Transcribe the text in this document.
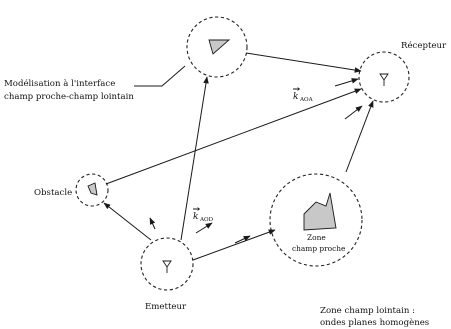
k AOA
k AOD
Récepteur
Modélisation à l'interface
champ proche-champ lointain
Obstacle
Zone
champ proche
Emetteur	Zone champ lointain :
ondes planes homogènes
